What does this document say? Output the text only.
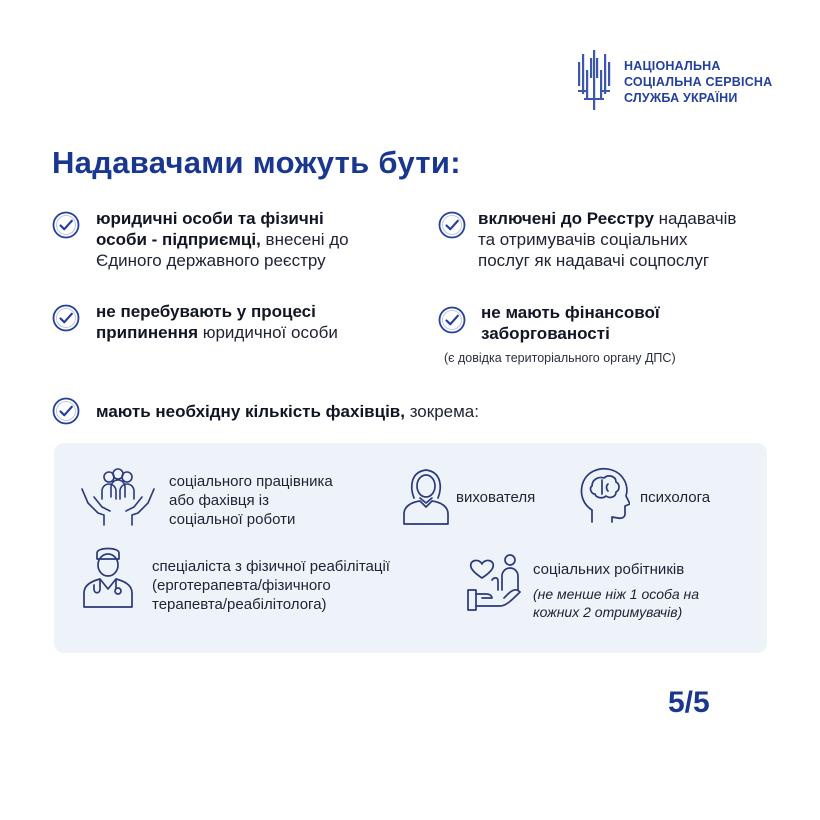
НАЦІОНАЛЬНА
СОЦІАЛЬНА СЕРВІСНА
СЛУЖБА УКРАЇНИ
Надавачами можуть бути:
юридичні особи та фізичні
особи - підприємці, внесені до
Єдиного державного реєстру
включені до Реєстру надавачів
та отримувачів соціальних
послуг як надавачі соцпослуг
не перебувають у процесі
припинення юридичної особи
не мають фінансової
заборгованості
(є довідка територіального органу ДПС)
мають необхідну кількість фахівців, зокрема:
соціального працівника
або фахівця із
соціальної роботи
вихователя	психолога
спеціаліста з фізичної реабілітації
(ерготерапевта/фізичного
терапевта/реабілітолога)
соціальних робітників
(не менше ніж 1 особа на
кожних 2 отримувачів)
5/5
